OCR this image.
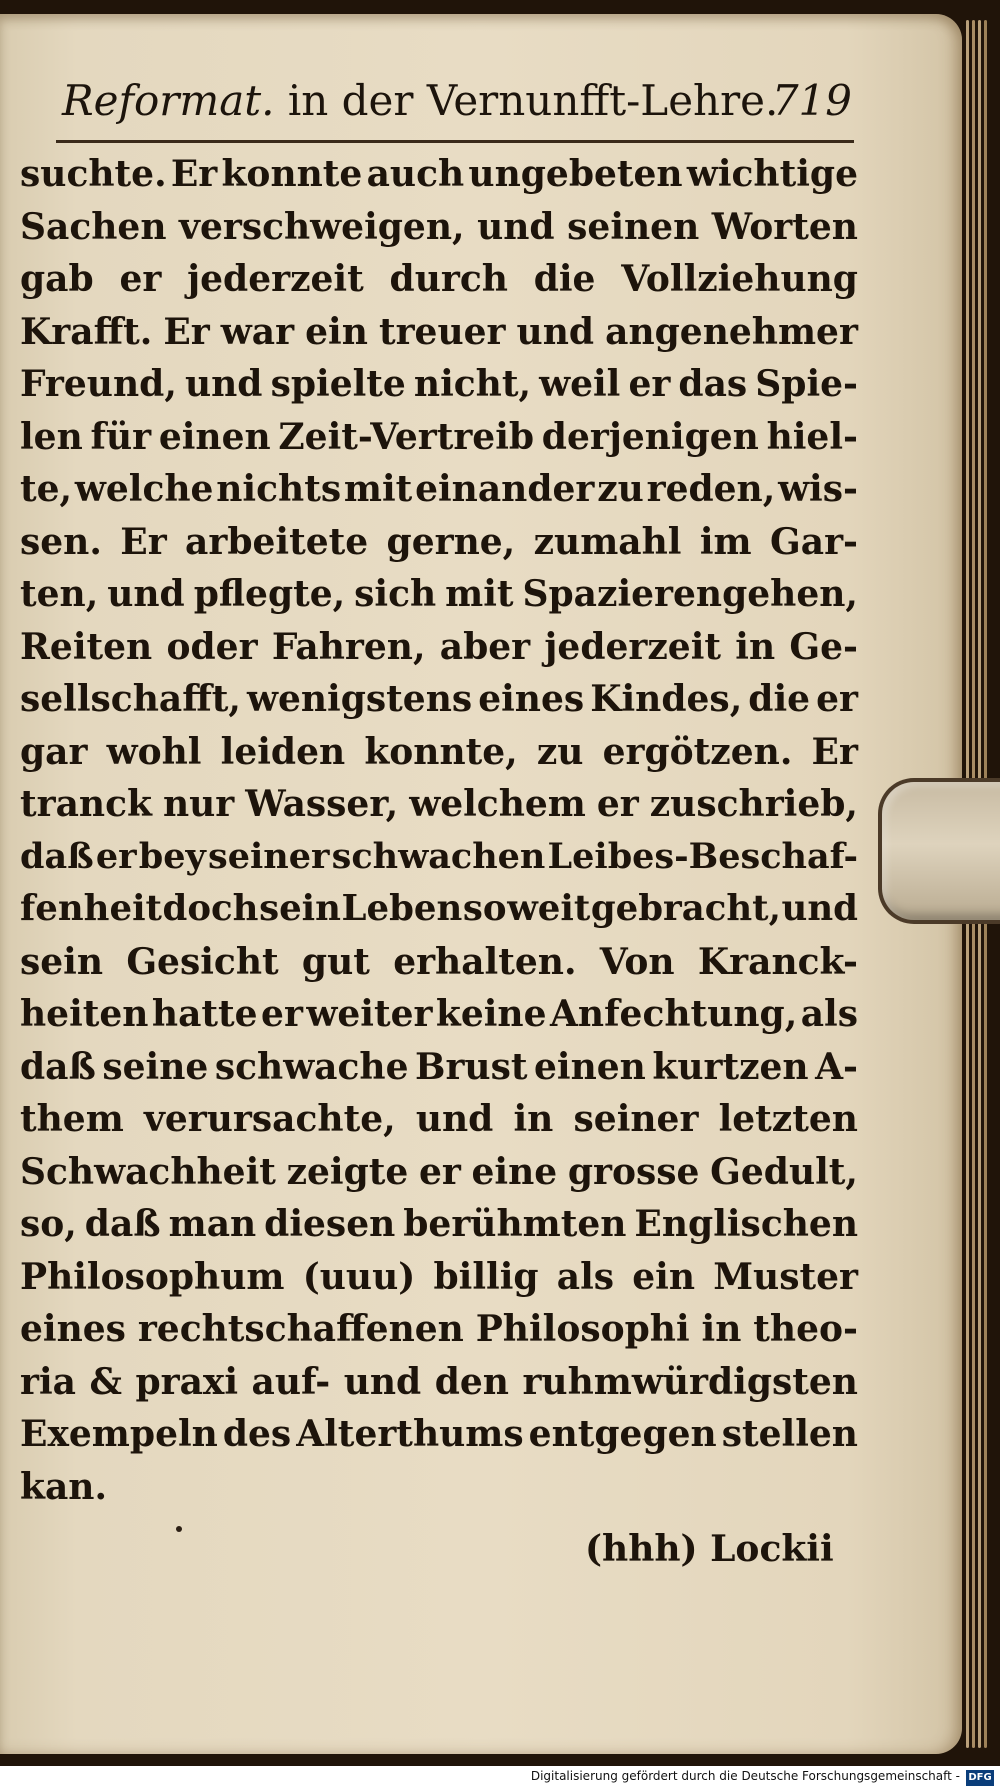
Reformat. in der Vernunfft-Lehre.
719
suchte. Er konnte auch ungebeten wichtige
Sachen verschweigen, und seinen Worten
gab er jederzeit durch die Vollziehung
Krafft. Er war ein treuer und angenehmer
Freund, und spielte nicht, weil er das Spie-
len für einen Zeit-Vertreib derjenigen hiel-
te, welche nichts mit einander zu reden, wis-
sen. Er arbeitete gerne, zumahl im Gar-
ten, und pflegte, sich mit Spazierengehen,
Reiten oder Fahren, aber jederzeit in Ge-
sellschafft, wenigstens eines Kindes, die er
gar wohl leiden konnte, zu ergötzen. Er
tranck nur Wasser, welchem er zuschrieb,
daß er bey seiner schwachen Leibes-Beschaf-
fenheit doch sein Leben so weit gebracht, und
sein Gesicht gut erhalten. Von Kranck-
heiten hatte er weiter keine Anfechtung, als
daß seine schwache Brust einen kurtzen A-
them verursachte, und in seiner letzten
Schwachheit zeigte er eine grosse Gedult,
so, daß man diesen berühmten Englischen
Philosophum (uuu) billig als ein Muster
eines rechtschaffenen Philosophi in theo-
ria & praxi auf- und den ruhmwürdigsten
Exempeln des Alterthums entgegen stellen
kan.
(hhh) Lockii
Digitalisierung gefördert durch die Deutsche Forschungsgemeinschaft - DFG
